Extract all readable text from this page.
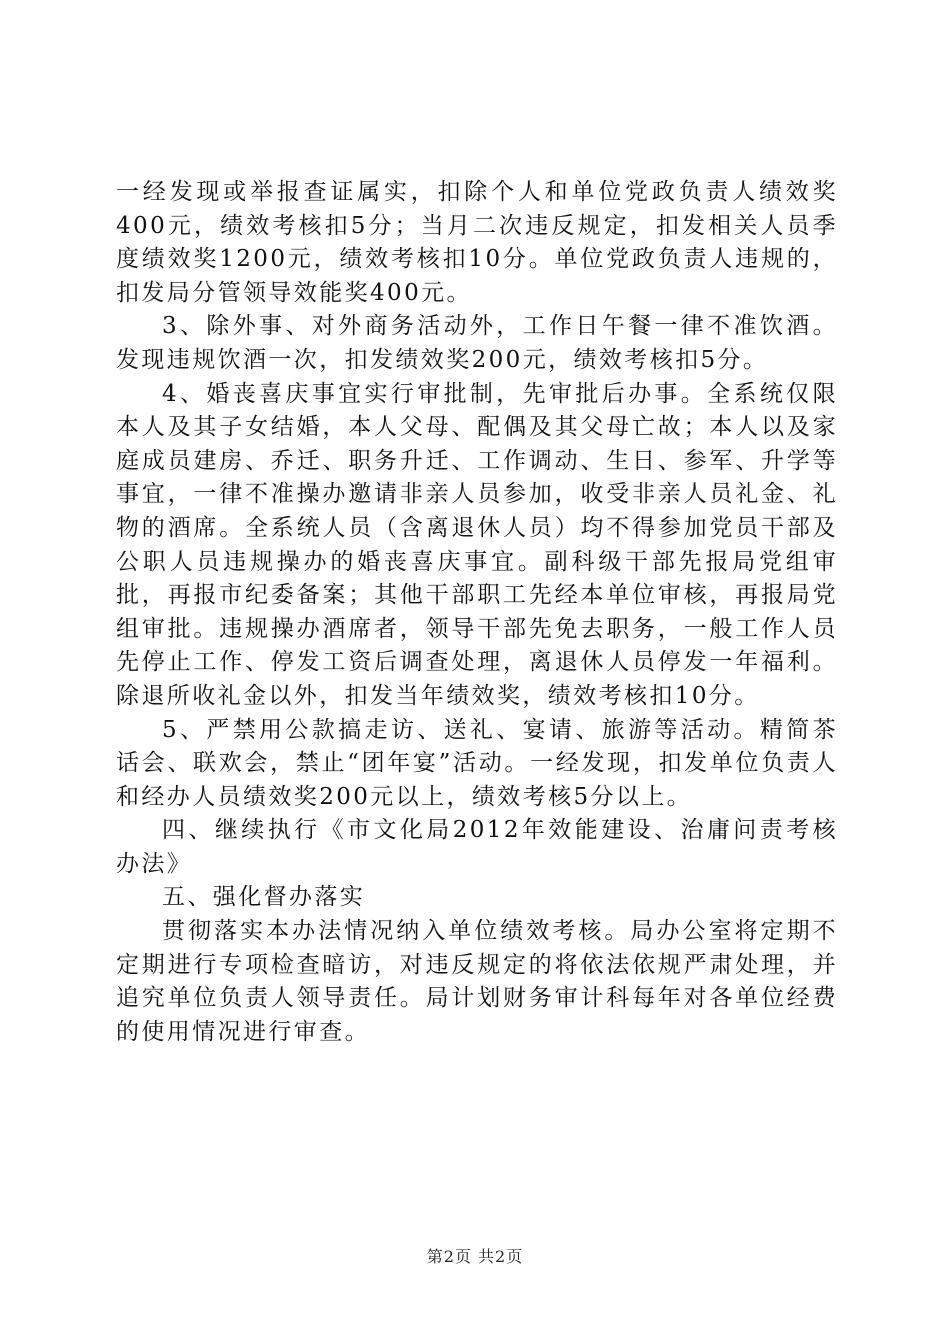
一经发现或举报查证属实，扣除个人和单位党政负责人绩效奖400元，绩效考核扣5分；当月二次违反规定，扣发相关人员季度绩效奖1200元，绩效考核扣10分。单位党政负责人违规的，扣发局分管领导效能奖400元。

3、除外事、对外商务活动外，工作日午餐一律不准饮酒。发现违规饮酒一次，扣发绩效奖200元，绩效考核扣5分。

4、婚丧喜庆事宜实行审批制，先审批后办事。全系统仅限本人及其子女结婚，本人父母、配偶及其父母亡故；本人以及家庭成员建房、乔迁、职务升迁、工作调动、生日、参军、升学等事宜，一律不准操办邀请非亲人员参加，收受非亲人员礼金、礼物的酒席。全系统人员（含离退休人员）均不得参加党员干部及公职人员违规操办的婚丧喜庆事宜。副科级干部先报局党组审批，再报市纪委备案；其他干部职工先经本单位审核，再报局党组审批。违规操办酒席者，领导干部先免去职务，一般工作人员先停止工作、停发工资后调查处理，离退休人员停发一年福利。除退所收礼金以外，扣发当年绩效奖，绩效考核扣10分。

5、严禁用公款搞走访、送礼、宴请、旅游等活动。精简茶话会、联欢会，禁止“团年宴”活动。一经发现，扣发单位负责人和经办人员绩效奖200元以上，绩效考核5分以上。

四、继续执行《市文化局2012年效能建设、治庸问责考核办法》

五、强化督办落实

贯彻落实本办法情况纳入单位绩效考核。局办公室将定期不定期进行专项检查暗访，对违反规定的将依法依规严肃处理，并追究单位负责人领导责任。局计划财务审计科每年对各单位经费的使用情况进行审查。

第2页 共2页
